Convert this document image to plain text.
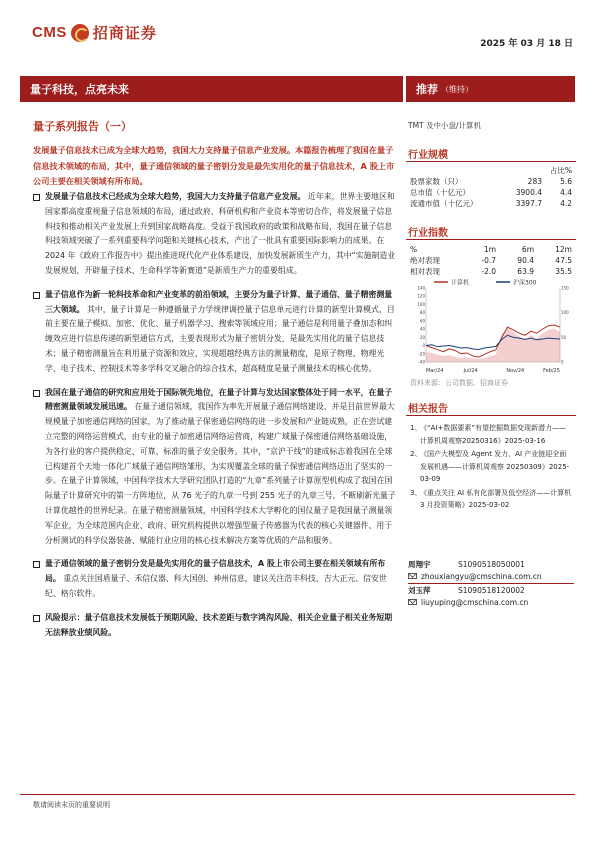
CMS 招商证券
2025 年 03 月 18 日
量子科技，点亮未来	推荐 （维持）
量子系列报告（一）
发展量子信息技术已成为全球大趋势，我国大力支持量子信息产业发展。本篇报告梳理了我国在量子信息技术领域的布局，其中，量子通信领域的量子密钥分发是最先实用化的量子信息技术，A 股上市公司主要在相关领域有所布局。
发展量子信息技术已经成为全球大趋势，我国大力支持量子信息产业发展。 近年来，世界主要地区和国家都高度重视量子信息领域的布局，通过政府、科研机构和产业资本等密切合作，将发展量子信息科技和推动相关产业发展上升到国家战略高度。受益于我国政府的政策和战略布局，我国在量子信息科技领域突破了一系列重要科学问题和关键核心技术，产出了一批具有重要国际影响力的成果。在 2024 年《政府工作报告中》提出推进现代化产业体系建设，加快发展新质生产力，其中“实施制造业发展规划，开辟量子技术、生命科学等新赛道”是新质生产力的重要组成。
量子信息作为新一轮科技革命和产业变革的前沿领域，主要分为量子计算、量子通信、量子精密测量三大领域。 其中，量子计算是一种遵循量子力学规律调控量子信息单元进行计算的新型计算模式，目前主要在量子模拟、加密、优化、量子机器学习、搜索等领域应用；量子通信是利用量子叠加态和纠缠效应进行信息传递的新型通信方式，主要表现形式为量子密钥分发，是最先实用化的量子信息技术；量子精密测量旨在利用量子资源和效应，实现超越经典方法的测量精度，是原子物理、物理光学、电子技术、控制技术等多学科交叉融合的综合技术，超高精度是量子测量技术的核心优势。
我国在量子通信的研究和应用处于国际领先地位，在量子计算与发达国家整体处于同一水平，在量子精密测量领域发展迅速。 在量子通信领域，我国作为率先开展量子通信网络建设、并是目前世界最大规模量子加密通信网络的国家，为了推动量子保密通信网络的进一步发展和产业链成熟，正在尝试建立完整的网络运营模式，由专业的量子加密通信网络运营商，构建广域量子保密通信网络基础设施，为各行业的客户提供稳定、可靠、标准的量子安全服务。其中，“京沪干线”的建成标志着我国在全球已构建首个天地一体化广域量子通信网络雏形，为实现覆盖全球的量子保密通信网络迈出了坚实的一步。在量子计算领域，中国科学技术大学研究团队打造的“九章”系列量子计算原型机构成了我国在国际量子计算研究中的第一方阵地位，从 76 光子的九章一号到 255 光子的九章三号，不断刷新光量子计算优越性的世界纪录。在量子精密测量领域，中国科学技术大学孵化的国仪量子是我国量子测量领军企业，为全球范围内企业、政府、研究机构提供以增强型量子传感器为代表的核心关键器件、用于分析测试的科学仪器装备、赋能行业应用的核心技术解决方案等优质的产品和服务。
量子通信领域的量子密钥分发是最先实用化的量子信息技术，A 股上市公司主要在相关领域有所布局。 重点关注国盾量子、禾信仪器、科大国创、神州信息，建议关注浩丰科技、吉大正元、信安世纪、格尔软件。
风险提示：量子信息技术发展低于预期风险、技术差距与数字鸿沟风险、相关企业量子相关业务短期无法释放业绩风险。
TMT 及中小盘/计算机
行业规模
占比%
股票家数（只）	283	5.6
总市值（十亿元）	3900.4	4.4
流通市值（十亿元）	3397.7	4.2
行业指数
%	1m	6m	12m
绝对表现	-0.7	90.4	47.5
相对表现	-2.0	63.9	35.5
计算机	沪深300
-40
-20
0
20
40
60
80
100
120
140
0
50
100
150
Mar/24	Jul/24	Nov/24	Feb/25
资料来源：公司数据、招商证券
相关报告
1、
《“AI+数据要素”有望挖掘数据变现新潜力——计算机周观察20250316》2025-03-16
2、
《国产大模型及 Agent 发力，AI 产业链迎全面发展机遇——计算机周观察 20250309》2025-03-09
3、
《重点关注 AI 私有化部署及低空经济——计算机 3 月投资策略》2025-03-02
周翔宇	S1090518050001
zhouxiangyu@cmschina.com.cn
刘玉萍	S1090518120002
liuyuping@cmschina.com.cn
敬请阅读末页的重要说明
